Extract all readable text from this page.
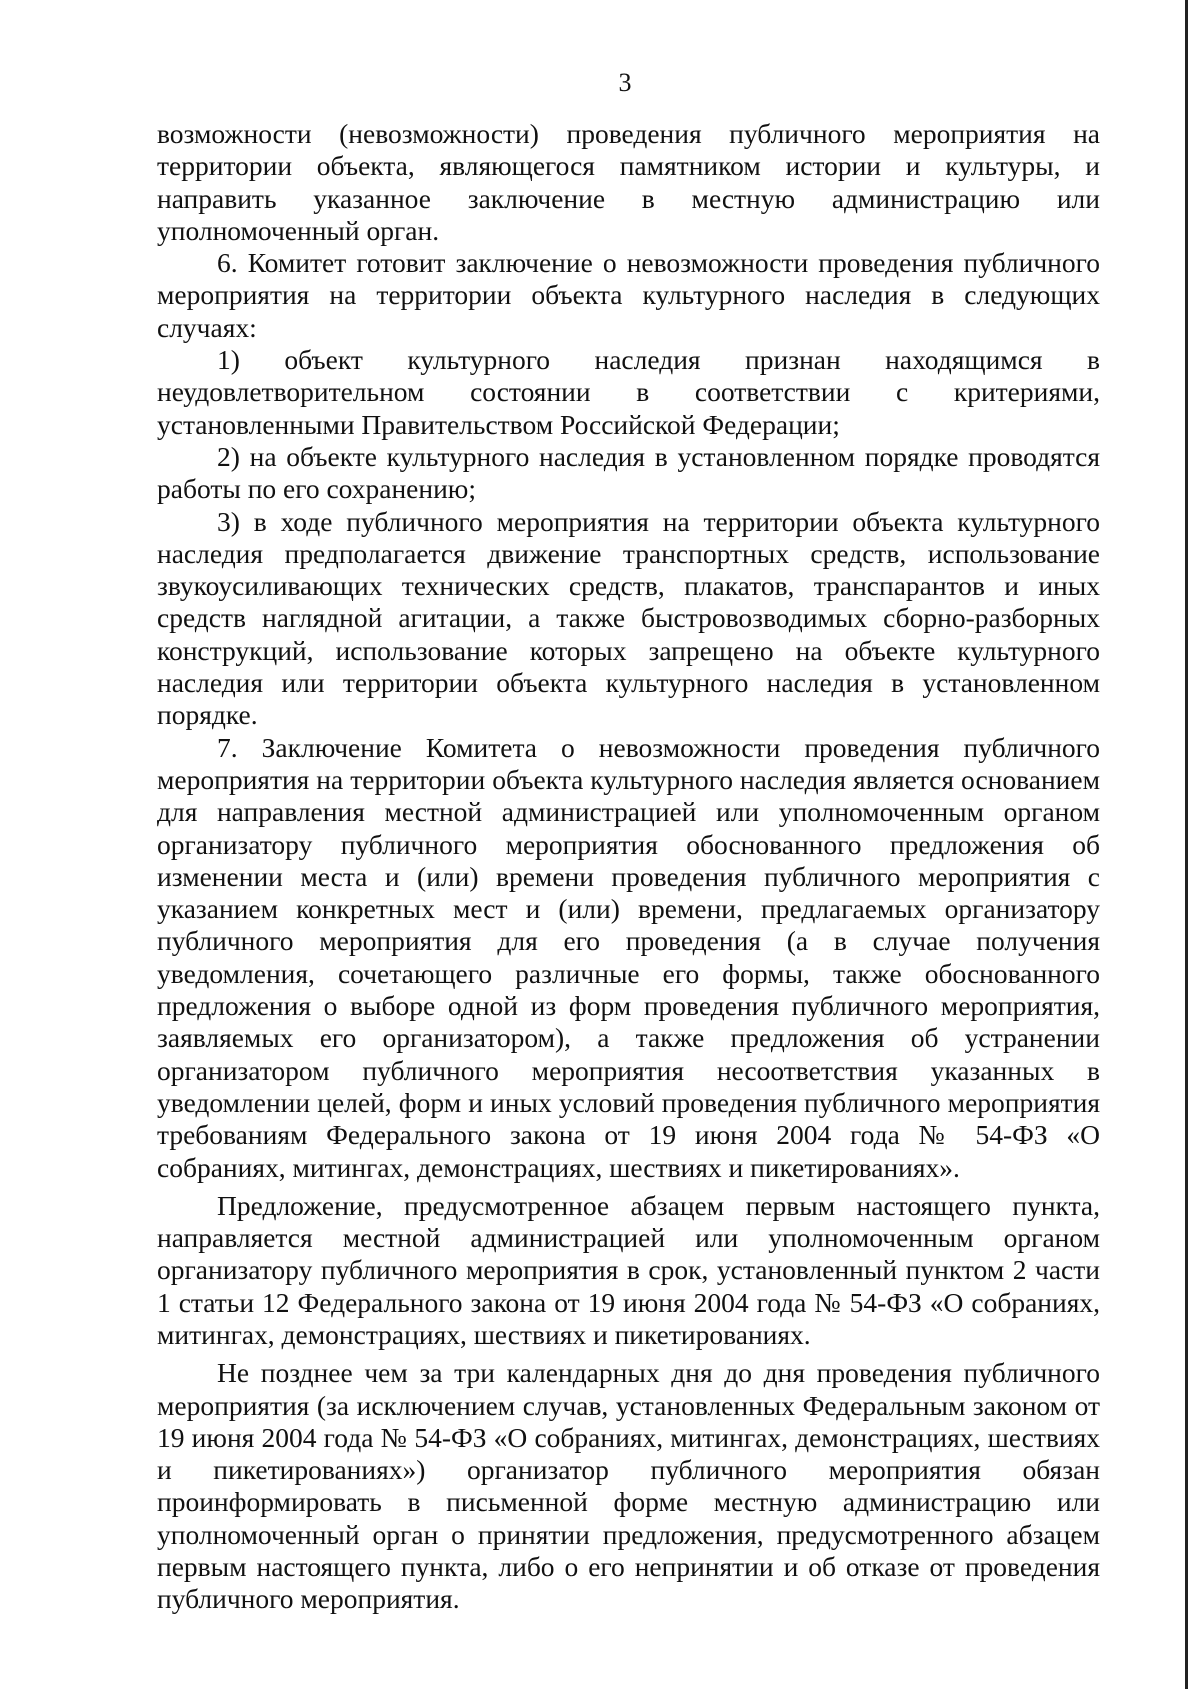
3

возможности (невозможности) проведения публичного мероприятия на территории объекта, являющегося памятником истории и культуры, и направить указанное заключение в местную администрацию или уполномоченный орган.

6. Комитет готовит заключение о невозможности проведения публичного мероприятия на территории объекта культурного наследия в следующих случаях:

1) объект культурного наследия признан находящимся в неудовлетворительном состоянии в соответствии с критериями, установленными Правительством Российской Федерации;

2) на объекте культурного наследия в установленном порядке проводятся работы по его сохранению;

3) в ходе публичного мероприятия на территории объекта культурного наследия предполагается движение транспортных средств, использование звукоусиливающих технических средств, плакатов, транспарантов и иных средств наглядной агитации, а также быстровозводимых сборно-разборных конструкций, использование которых запрещено на объекте культурного наследия или территории объекта культурного наследия в установленном порядке.

7. Заключение Комитета о невозможности проведения публичного мероприятия на территории объекта культурного наследия является основанием для направления местной администрацией или уполномоченным органом организатору публичного мероприятия обоснованного предложения об изменении места и (или) времени проведения публичного мероприятия с указанием конкретных мест и (или) времени, предлагаемых организатору публичного мероприятия для его проведения (а в случае получения уведомления, сочетающего различные его формы, также обоснованного предложения о выборе одной из форм проведения публичного мероприятия, заявляемых его организатором), а также предложения об устранении организатором публичного мероприятия несоответствия указанных в уведомлении целей, форм и иных условий проведения публичного мероприятия требованиям Федерального закона от 19 июня 2004 года № 54-ФЗ «О собраниях, митингах, демонстрациях, шествиях и пикетированиях».

Предложение, предусмотренное абзацем первым настоящего пункта, направляется местной администрацией или уполномоченным органом организатору публичного мероприятия в срок, установленный пунктом 2 части 1 статьи 12 Федерального закона от 19 июня 2004 года № 54-ФЗ «О собраниях, митингах, демонстрациях, шествиях и пикетированиях.

Не позднее чем за три календарных дня до дня проведения публичного мероприятия (за исключением случав, установленных Федеральным законом от 19 июня 2004 года № 54-ФЗ «О собраниях, митингах, демонстрациях, шествиях и пикетированиях») организатор публичного мероприятия обязан проинформировать в письменной форме местную администрацию или уполномоченный орган о принятии предложения, предусмотренного абзацем первым настоящего пункта, либо о его непринятии и об отказе от проведения публичного мероприятия.
